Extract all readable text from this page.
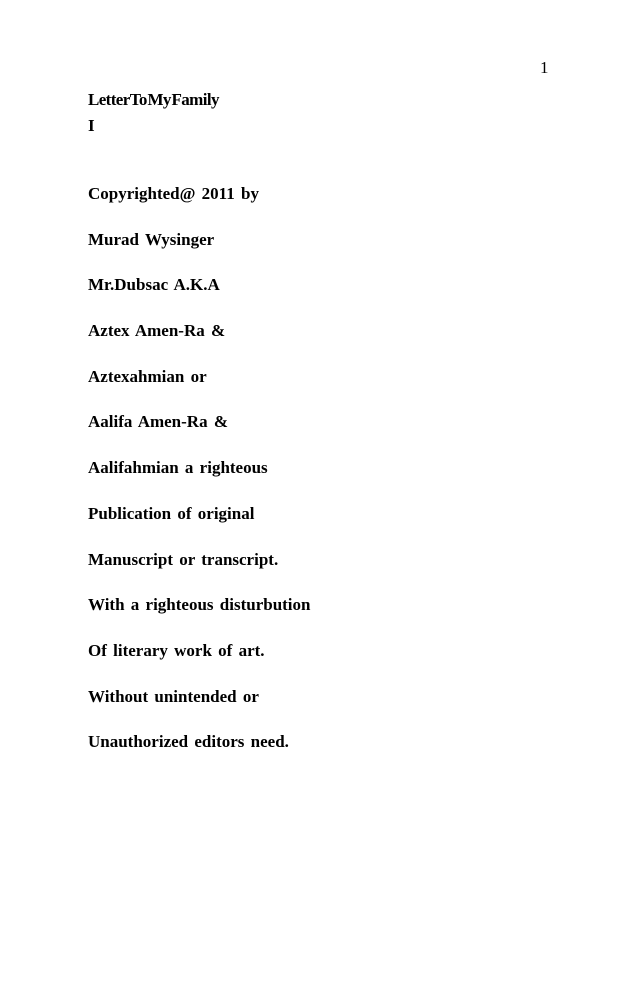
1
Letter To My Family
I
Copyrighted@ 2011 by
Murad Wysinger
Mr.Dubsac A.K.A
Aztex Amen-Ra &
Aztexahmian or
Aalifa Amen-Ra &
Aalifahmian a righteous
Publication of original
Manuscript or transcript.
With a righteous disturbution
Of literary work of art.
Without unintended or
Unauthorized editors need.
